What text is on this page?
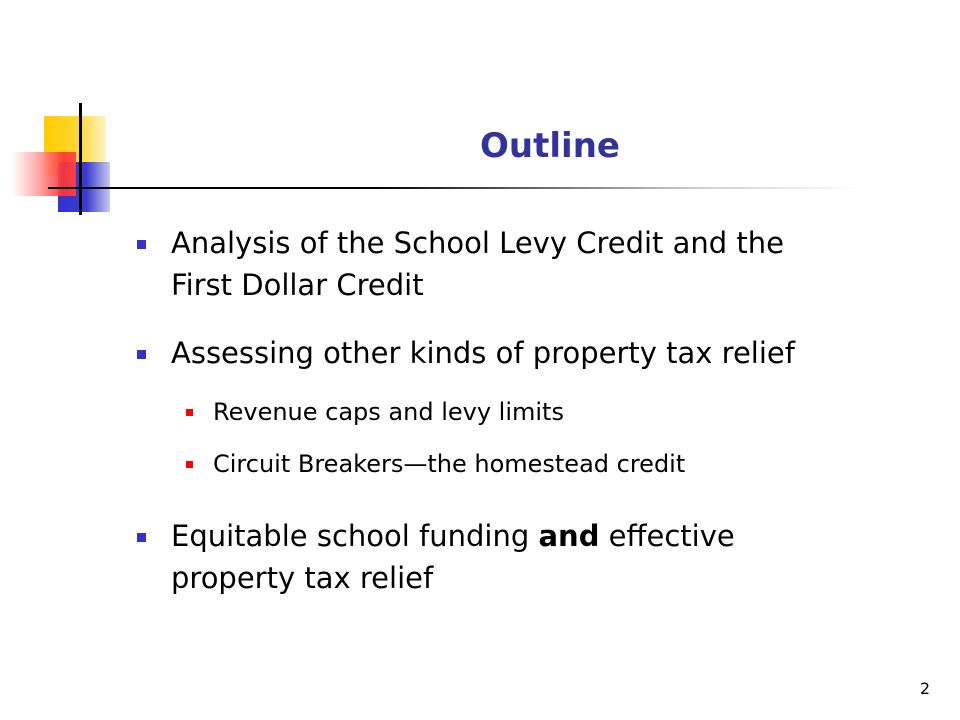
Outline
Analysis of the School Levy Credit and the
First Dollar Credit
Assessing other kinds of property tax relief
Revenue caps and levy limits
Circuit Breakers—the homestead credit
Equitable school funding and effective
property tax relief
2
